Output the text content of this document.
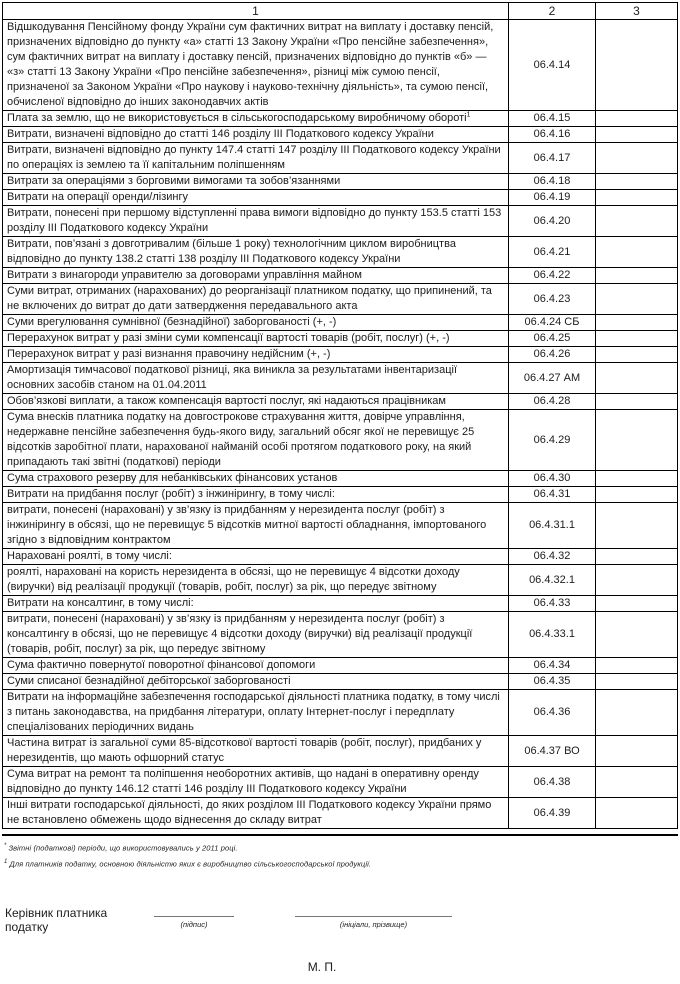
1	2	3
Відшкодування Пенсійному фонду України сум фактичних витрат на виплату і доставку пенсій, призначених відповідно до пункту «а» статті 13 Закону України «Про пенсійне забезпечення», сум фактичних витрат на виплату і доставку пенсій, призначених відповідно до пунктів «б» — «з» статті 13 Закону України «Про пенсійне забезпечення», різниці між сумою пенсії, призначеної за Законом України «Про наукову і науково-технічну діяльність», та сумою пенсії, обчисленої відповідно до інших законодавчих актів	06.4.14	
Плата за землю, що не використовується в сільськогосподарському виробничому обороті$^1$	06.4.15	
Витрати, визначені відповідно до статті 146 розділу III Податкового кодексу України	06.4.16	
Витрати, визначені відповідно до пункту 147.4 статті 147 розділу III Податкового кодексу України по операціях із землею та її капітальним поліпшенням	06.4.17	
Витрати за операціями з борговими вимогами та зобов’язаннями	06.4.18	
Витрати на операції оренди/лізингу	06.4.19	
Витрати, понесені при першому відступленні права вимоги відповідно до пункту 153.5 статті 153 розділу III Податкового кодексу України	06.4.20	
Витрати, пов’язані з довготривалим (більше 1 року) технологічним циклом виробництва відповідно до пункту 138.2 статті 138 розділу III Податкового кодексу України	06.4.21	
Витрати з винагороди управителю за договорами управління майном	06.4.22	
Суми витрат, отриманих (нарахованих) до реорганізації платником податку, що припинений, та не включених до витрат до дати затвердження передавального акта	06.4.23	
Суми врегулювання сумнівної (безнадійної) заборгованості (+, -)	06.4.24 СБ	
Перерахунок витрат у разі зміни суми компенсації вартості товарів (робіт, послуг) (+, -)	06.4.25	
Перерахунок витрат у разі визнання правочину недійсним (+, -)	06.4.26	
Амортизація тимчасової податкової різниці, яка виникла за результатами інвентаризації основних засобів станом на 01.04.2011	06.4.27 АМ	
Обов’язкові виплати, а також компенсація вартості послуг, які надаються працівникам	06.4.28	
Сума внесків платника податку на довгострокове страхування життя, довірче управління, недержавне пенсійне забезпечення будь-якого виду, загальний обсяг якої не перевищує 25 відсотків заробітної плати, нарахованої найманій особі протягом податкового року, на який припадають такі звітні (податкові) періоди	06.4.29	
Сума страхового резерву для небанківських фінансових установ	06.4.30	
Витрати на придбання послуг (робіт) з інжинірингу, в тому числі:	06.4.31	
витрати, понесені (нараховані) у зв’язку із придбанням у нерезидента послуг (робіт) з інжинірингу в обсязі, що не перевищує 5 відсотків митної вартості обладнання, імпортованого згідно з відповідним контрактом	06.4.31.1	
Нараховані роялті, в тому числі:	06.4.32	
роялті, нараховані на користь нерезидента в обсязі, що не перевищує 4 відсотки доходу (виручки) від реалізації продукції (товарів, робіт, послуг) за рік, що передує звітному	06.4.32.1	
Витрати на консалтинг, в тому числі:	06.4.33	
витрати, понесені (нараховані) у зв’язку із придбанням у нерезидента послуг (робіт) з консалтингу в обсязі, що не перевищує 4 відсотки доходу (виручки) від реалізації продукції (товарів, робіт, послуг) за рік, що передує звітному	06.4.33.1	
Сума фактично повернутої поворотної фінансової допомоги	06.4.34	
Суми списаної безнадійної дебіторської заборгованості	06.4.35	
Витрати на інформаційне забезпечення господарської діяльності платника податку, в тому числі з питань законодавства, на придбання літератури, оплату Інтернет-послуг і передплату спеціалізованих періодичних видань	06.4.36	
Частина витрат із загальної суми 85-відсоткової вартості товарів (робіт, послуг), придбаних у нерезидентів, що мають офшорний статус	06.4.37 ВО	
Сума витрат на ремонт та поліпшення необоротних активів, що надані в оперативну оренду відповідно до пункту 146.12 статті 146 розділу III Податкового кодексу України	06.4.38	
Інші витрати господарської діяльності, до яких розділом III Податкового кодексу України прямо не встановлено обмежень щодо віднесення до складу витрат	06.4.39	
* Звітні (податкові) періоди, що використовувались у 2011 році.
$^1$ Для платників податку, основною діяльністю яких є виробництво сільськогосподарської продукції.
Керівник платника податку	(підпис)	(ініціали, прізвище)
М. П.
